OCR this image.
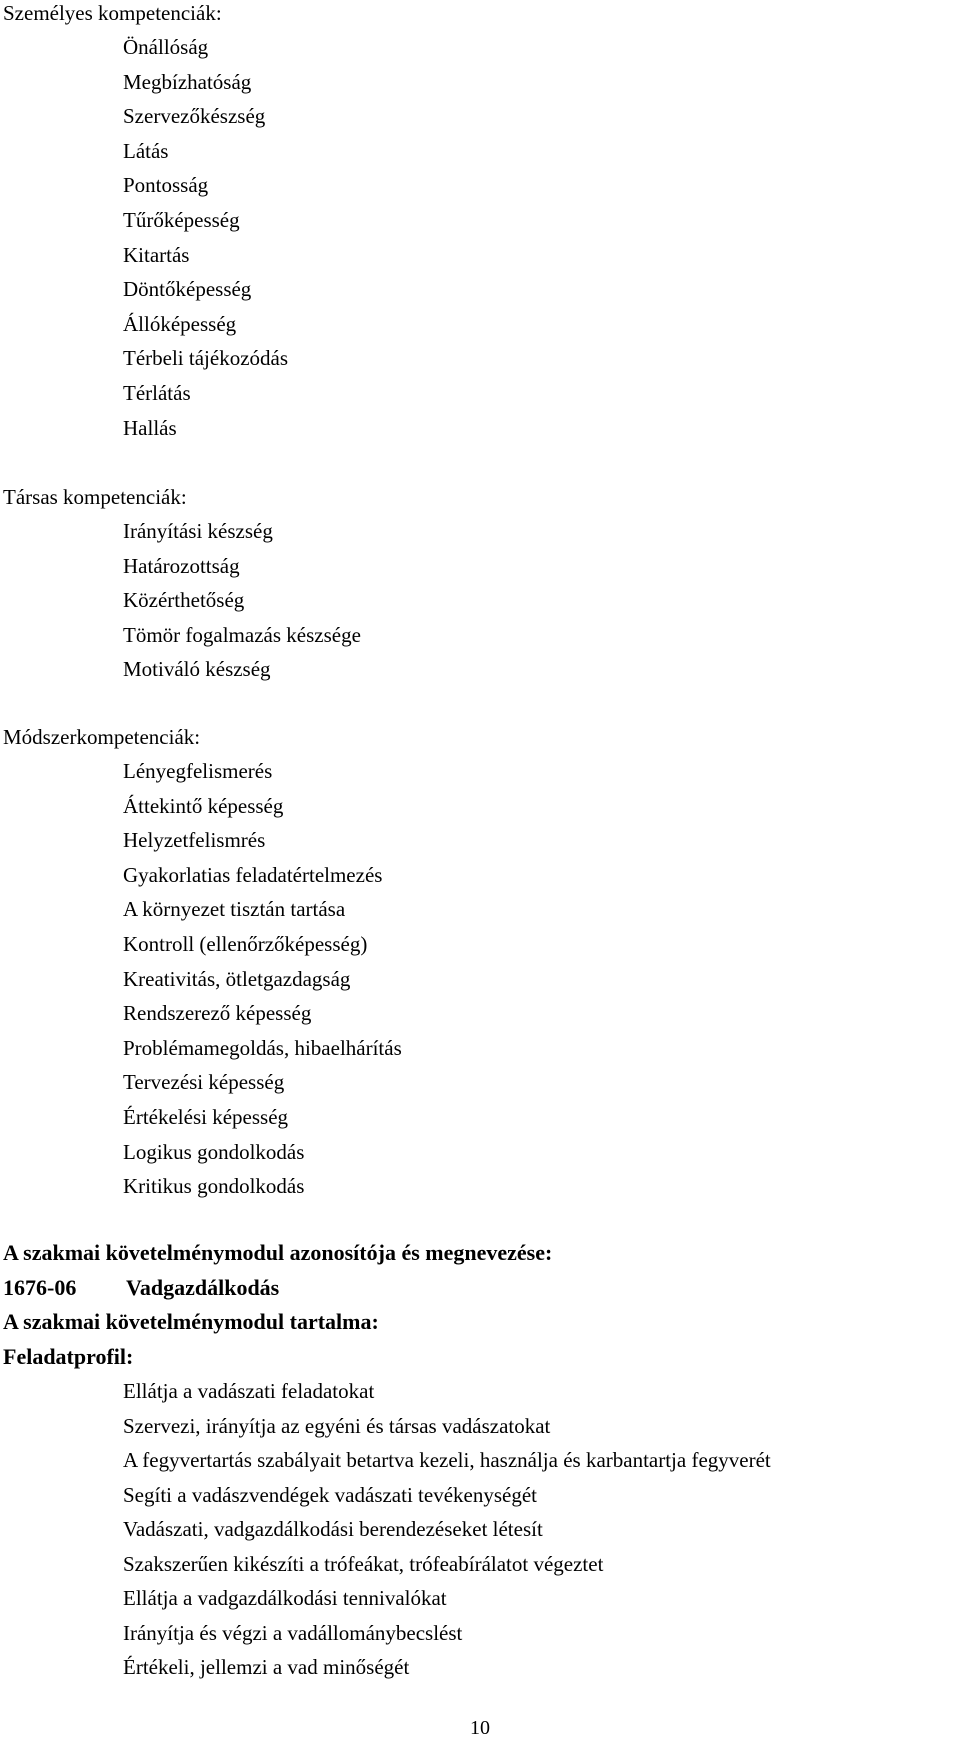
Személyes kompetenciák:
Önállóság
Megbízhatóság
Szervezőkészség
Látás
Pontosság
Tűrőképesség
Kitartás
Döntőképesség
Állóképesség
Térbeli tájékozódás
Térlátás
Hallás
Társas kompetenciák:
Irányítási készség
Határozottság
Közérthetőség
Tömör fogalmazás készsége
Motiváló készség
Módszerkompetenciák:
Lényegfelismerés
Áttekintő képesség
Helyzetfelismrés
Gyakorlatias feladatértelmezés
A környezet tisztán tartása
Kontroll (ellenőrzőképesség)
Kreativitás, ötletgazdagság
Rendszerező képesség
Problémamegoldás, hibaelhárítás
Tervezési képesség
Értékelési képesség
Logikus gondolkodás
Kritikus gondolkodás
A szakmai követelménymodul azonosítója és megnevezése:
1676-06 Vadgazdálkodás
A szakmai követelménymodul tartalma:
Feladatprofil:
Ellátja a vadászati feladatokat
Szervezi, irányítja az egyéni és társas vadászatokat
A fegyvertartás szabályait betartva kezeli, használja és karbantartja fegyverét
Segíti a vadászvendégek vadászati tevékenységét
Vadászati, vadgazdálkodási berendezéseket létesít
Szakszerűen kikészíti a trófeákat, trófeabírálatot végeztet
Ellátja a vadgazdálkodási tennivalókat
Irányítja és végzi a vadállománybecslést
Értékeli, jellemzi a vad minőségét
10
